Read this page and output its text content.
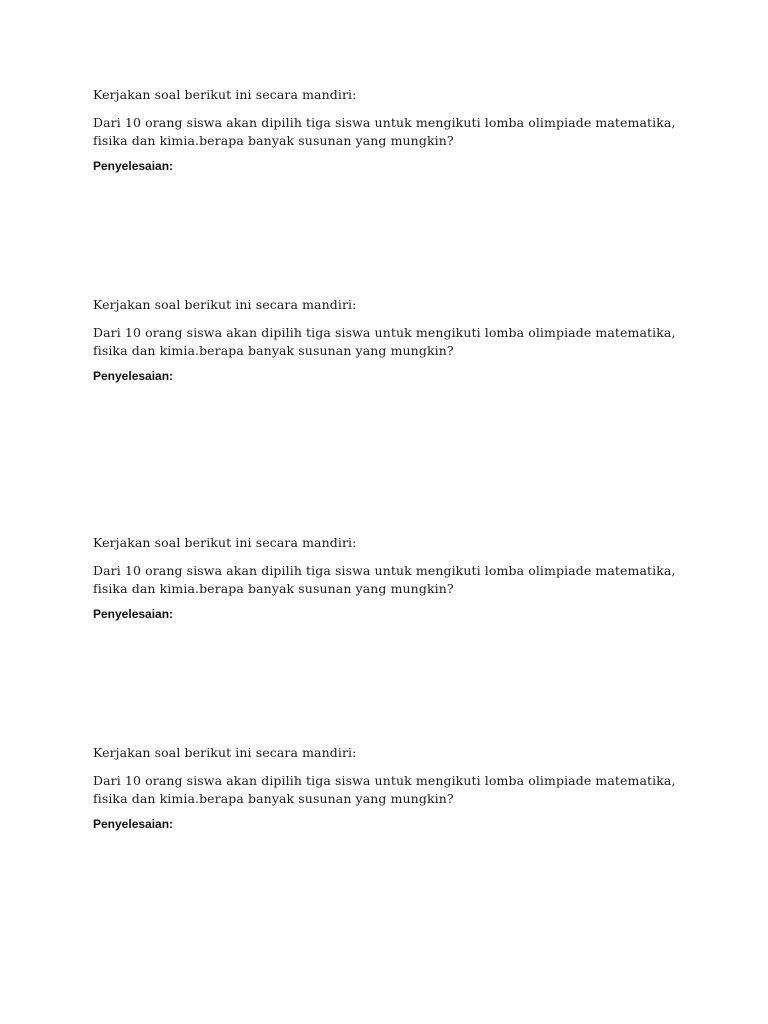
Kerjakan soal berikut ini secara mandiri:

Dari 10 orang siswa akan dipilih tiga siswa untuk mengikuti lomba olimpiade matematika,
fisika dan kimia.berapa banyak susunan yang mungkin?

Penyelesaian:

Kerjakan soal berikut ini secara mandiri:

Dari 10 orang siswa akan dipilih tiga siswa untuk mengikuti lomba olimpiade matematika,
fisika dan kimia.berapa banyak susunan yang mungkin?

Penyelesaian:

Kerjakan soal berikut ini secara mandiri:

Dari 10 orang siswa akan dipilih tiga siswa untuk mengikuti lomba olimpiade matematika,
fisika dan kimia.berapa banyak susunan yang mungkin?

Penyelesaian:

Kerjakan soal berikut ini secara mandiri:

Dari 10 orang siswa akan dipilih tiga siswa untuk mengikuti lomba olimpiade matematika,
fisika dan kimia.berapa banyak susunan yang mungkin?

Penyelesaian:
